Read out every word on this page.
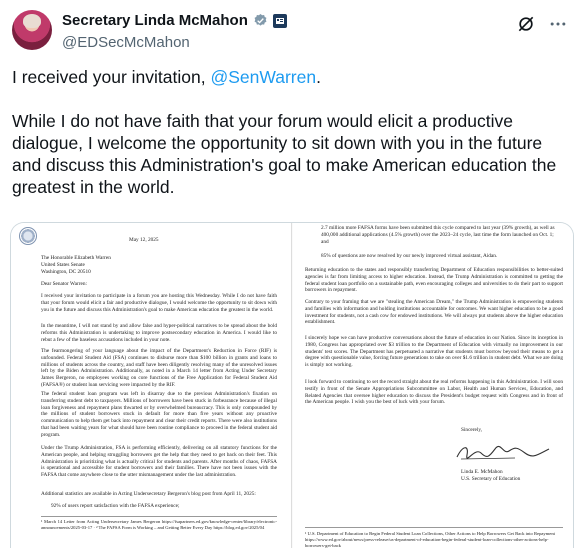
Secretary Linda McMahon
@EDSecMcMahon

I received your invitation, @SenWarren.

While I do not have faith that your forum would elicit a productive dialogue, I welcome the opportunity to sit down with you in the future and discuss this Administration's goal to make American education the greatest in the world.

May 12, 2025
The Honorable Elizabeth Warren
United States Senate
Washington, DC 20510
Dear Senator Warren:
I received your invitation to participate in a forum you are hosting this Wednesday. While I do not have faith that your forum would elicit a fair and productive dialogue, I would welcome the opportunity to sit down with you in the future and discuss this Administration's goal to make American education the greatest in the world.
In the meantime, I will not stand by and allow false and hyper-political narratives to be spread about the bold reforms this Administration is undertaking to improve postsecondary education in America. I would like to rebut a few of the baseless accusations included in your note.
The fearmongering of your language about the impact of the Department's Reduction in Force (RIF) is unfounded. Federal Student Aid (FSA) continues to disburse more than $100 billion in grants and loans to millions of students across the country, and staff have been diligently resolving many of the unresolved issues left by the Biden Administration. Additionally, as noted in a March 14 letter from Acting Under Secretary James Bergeron, no employees working on core functions of the Free Application for Federal Student Aid (FAFSA®) or student loan servicing were impacted by the RIF.
The federal student loan program was left in disarray due to the previous Administration's fixation on transferring student debt to taxpayers. Millions of borrowers have been stuck in forbearance because of illegal loan forgiveness and repayment plans thwarted or by overwhelmed bureaucracy. This is only compounded by the millions of student borrowers stuck in default for more than five years without any proactive communication to help them get back into repayment and clear their credit reports. There were also institutions that had been waiting years for what should have been routine compliance to proceed in the federal student aid program.
Under the Trump Administration, FSA is performing efficiently, delivering on all statutory functions for the American people, and helping struggling borrowers get the help that they need to get back on their feet. This Administration is prioritizing what is actually critical for students and parents. After months of chaos, FAFSA is operational and accessible for student borrowers and their families. There have not been issues with the FAFSA that come anywhere close to the utter mismanagement under the last administration.
Additional statistics are available in Acting Undersecretary Bergeron's blog post from April 11, 2025:
92% of users report satisfaction with the FAFSA experience;
¹ March 14 Letter from Acting Undersecretary James Bergeron https://fsapartners.ed.gov/knowledge-center/library/electronic-announcements/2025-03-17 · ² The FAFSA Form is Working – and Getting Better Every Day https://blog.ed.gov/2025/04
2.7 million more FAFSA forms have been submitted this cycle compared to last year (39% growth), as well as 400,000 additional applications (4.5% growth) over the 2023–24 cycle, last time the form launched on Oct. 1; and
85% of questions are now resolved by our newly improved virtual assistant, Aidan.
Returning education to the states and responsibly transferring Department of Education responsibilities to better-suited agencies is far from limiting access to higher education. Instead, the Trump Administration is committed to getting the federal student loan portfolio on a sustainable path, even encouraging colleges and universities to do their part to support borrowers in repayment.
Contrary to your framing that we are "stealing the American Dream," the Trump Administration is empowering students and families with information and holding institutions accountable for outcomes. We want higher education to be a good investment for students, not a cash cow for endowed institutions. We will always put students above the higher education establishment.
I sincerely hope we can have productive conversations about the future of education in our Nation. Since its inception in 1980, Congress has appropriated over $3 trillion to the Department of Education with virtually no improvement in our students' test scores. The Department has perpetuated a narrative that students must borrow beyond their means to get a degree with questionable value, forcing future generations to take on over $1.6 trillion in student debt. What we are doing is simply not working.
I look forward to continuing to set the record straight about the real reforms happening in this Administration. I will soon testify in front of the Senate Appropriations Subcommittee on Labor, Health and Human Services, Education, and Related Agencies that oversee higher education to discuss the President's budget request with Congress and in front of the American people. I wish you the best of luck with your forum.
Sincerely,
Linda E. McMahon
U.S. Secretary of Education
¹ U.S. Department of Education to Begin Federal Student Loan Collections, Other Actions to Help Borrowers Get Back into Repayment https://www.ed.gov/about/news/press-release/us-department-of-education-begin-federal-student-loan-collections-other-actions-help-borrowers-get-back
